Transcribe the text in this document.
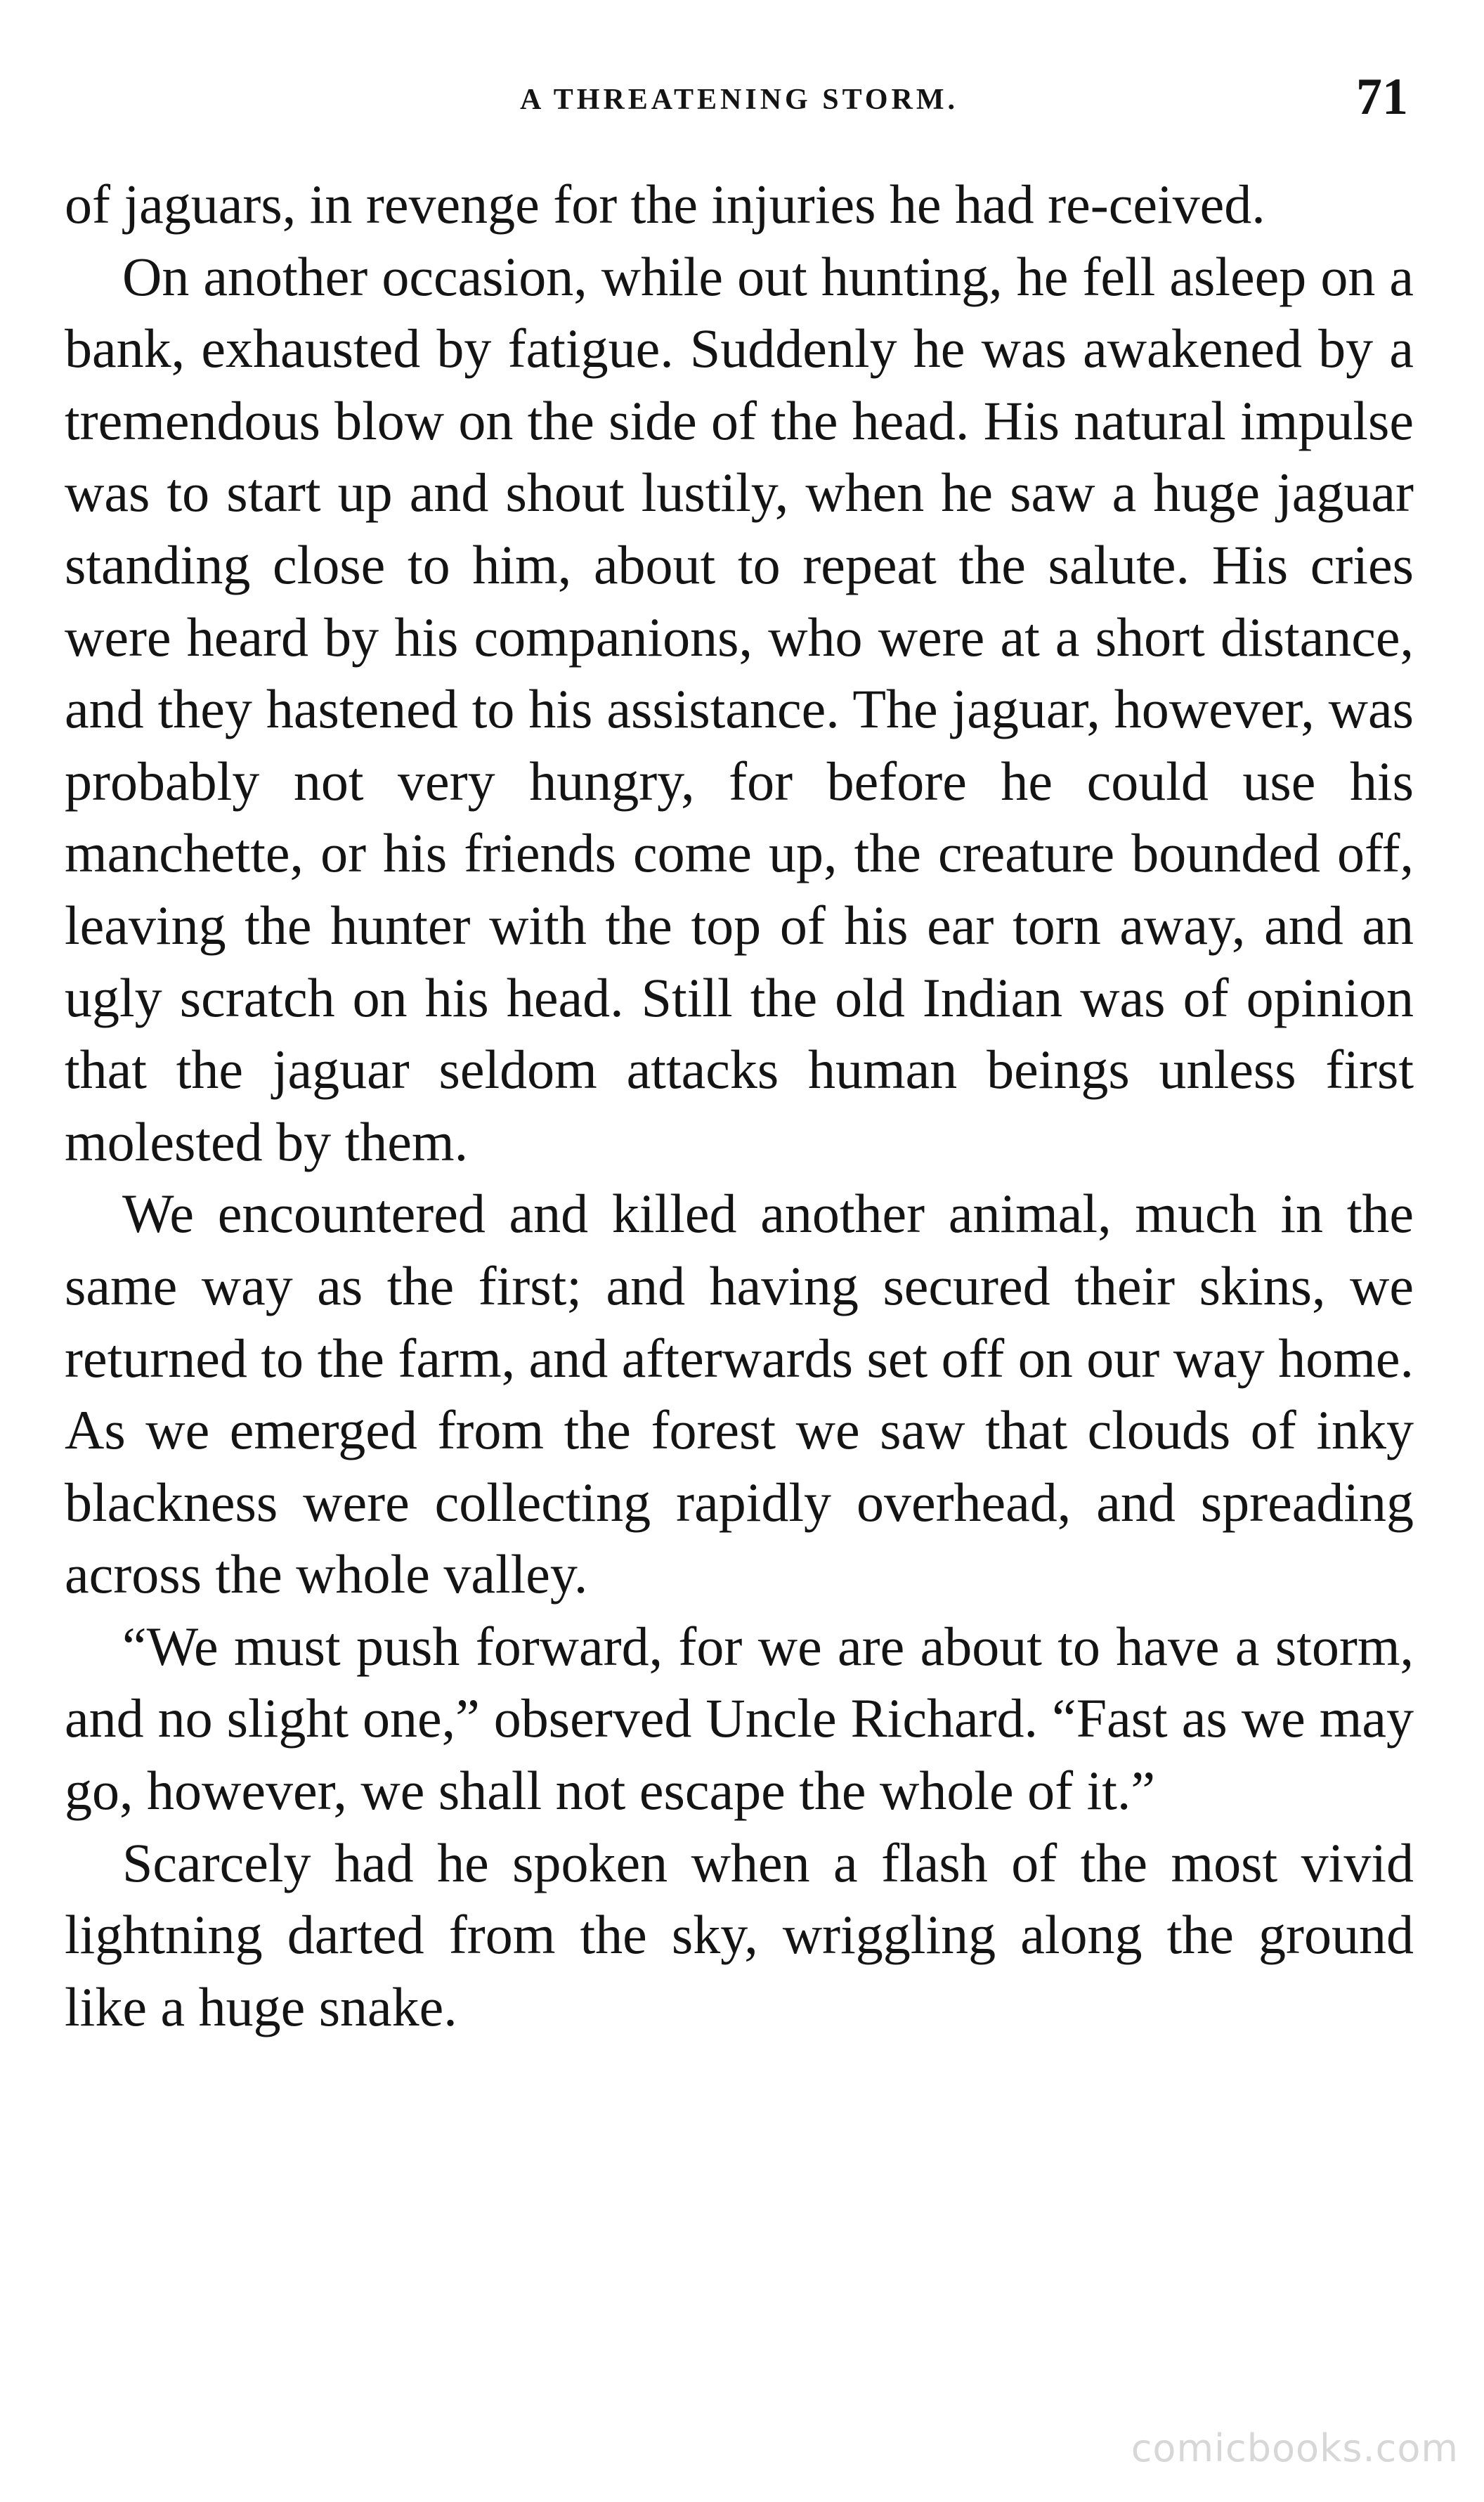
A THREATENING STORM.	71

of jaguars, in revenge for the injuries he had re-ceived.

On another occasion, while out hunting, he fell asleep on a bank, exhausted by fatigue. Suddenly he was awakened by a tremendous blow on the side of the head. His natural impulse was to start up and shout lustily, when he saw a huge jaguar standing close to him, about to repeat the salute. His cries were heard by his companions, who were at a short distance, and they hastened to his assistance. The jaguar, however, was probably not very hungry, for before he could use his manchette, or his friends come up, the creature bounded off, leaving the hunter with the top of his ear torn away, and an ugly scratch on his head. Still the old Indian was of opinion that the jaguar seldom attacks human beings unless first molested by them.

We encountered and killed another animal, much in the same way as the first; and having secured their skins, we returned to the farm, and afterwards set off on our way home. As we emerged from the forest we saw that clouds of inky blackness were collecting rapidly overhead, and spreading across the whole valley.

“We must push forward, for we are about to have a storm, and no slight one,” observed Uncle Richard. “Fast as we may go, however, we shall not escape the whole of it.”

Scarcely had he spoken when a flash of the most vivid lightning darted from the sky, wriggling along the ground like a huge snake.

comicbooks.com
